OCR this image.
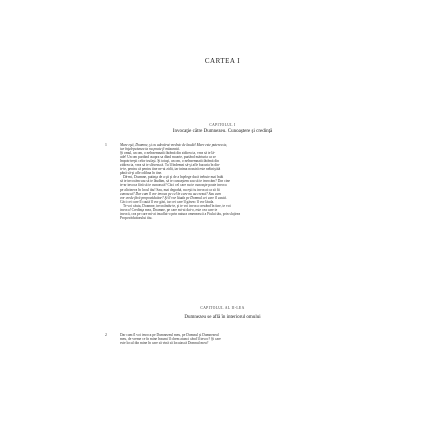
CARTEA I
CAPITOLUL I
Invocaţie către Dumnezeu. Cunoaştere şi credinţă
1	Mare eşti, Doamne, şi cu adevărat vrednic de laudă! Mare este puterea ta,
iar înţelepciunea ta nu poate fi măsurată.
Şi omul, un om, o neînsemnată fărâmă din zidirea ta, vrea să te lă-
ude! Un om purtând asupra sa dând moarte, purtând mărturia ca se
împotriveşti celor trufaşi. Şi totuşi, un om, o neînsemnată fărâmă din
zidirea ta, vrea să te slăvească. Tu îl îndemni să-şi afle bucuria în din-
tr-te, pentru că pentru tine ne-ai zidit, iar inima noastră este neliniştită
până să-şi afle odihna în tine.
Dă-mi, Doamne, putinţa de a şti şi de a înţelege dacă trebuie mai întâi
să te invocăm sau să te lăudăm, să te cunoaştem sau să te invocăm? Dar cine
te-ar invoca fără să te cunoască? Căci cel care nu te cunoaşte poate invoca
pe altcineva în locul tău! Sau, mai degrabă, nu eşti tu invocat ca să fii
cunoscut? Dar cum îl vor invoca pe cel în care nu au crezut? Sau cum
vor crede fără propovăduitor? Şi îl vor lăuda pe Domnul cei care îl caută.
Căci cei care îl caută îl vor găsi, iar cei care îl găsesc îl vor lăuda.
Te voi căuta, Doamne, invocându-te, şi te voi invoca crezând în tine, te voi
invoca! Credinţa mea, Doamne, pe care mi-ai dat-o, este cea care te
invocă, cea pe care mi-ai insuflat-o prin natura omenească a Fiului tău, prin slujirea
Propovăduitorului tău.
CAPITOLUL AL II-LEA
Dumnezeu se află în interiorul omului
2	Dar cum îl voi invoca pe Dumnezeul meu, pe Domnul şi Dumnezeul
meu, de vreme ce în mine însumi îl chem atunci când îl invoc? Şi care
este locul din mine în care să vină să locuiască Domnul meu?
